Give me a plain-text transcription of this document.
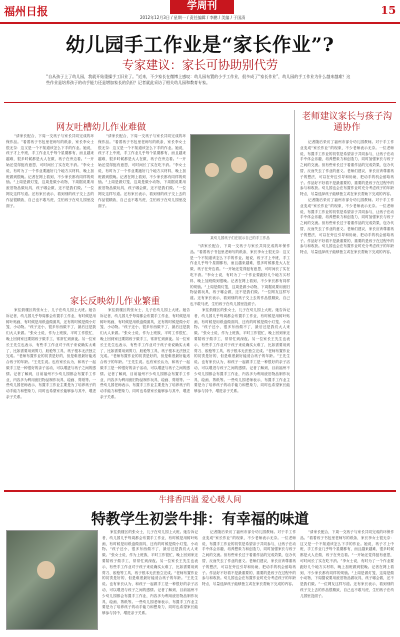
福州日报	学周刊
2012年12月3日 / 星期一 / 责任编辑 / 李鹏 / 美编 / 于国清
15
幼儿园手工作业是“家长作业”?
专家建议：家长可协助别代劳
“自从孩子上了幼儿园，我就开始重操手工旧业了。”近来，不少家长在微博上感叹：幼儿园布置的小手工作业，很多成了“家长作业”，幼儿园的手工作业为什么越来越难？这些作业是培养孩子的动手能力还是增加家长的负担？记者就此采访了相关幼儿园和教育专家。
网友吐槽幼儿作业难做

“请家长配合，下周一交孩子与家长共同完成的环保作品。”看着孩子书包里老师写的纸条，家长李女士很无奈：这又是一个不知道该怎么下手的作业。她说，孩子才上中班，手工作业几乎每个星期都有，而且越来越难，很多时候都是大人在做，孩子在旁边看。“一开始还觉得挺有意思，可时间长了实在吃不消。”李女士说，有时为了一个作业要跑好几个地方买材料，晚上加班做到很晚。记者在网上看到，不少家长都有同样的烦恼。“上周是做灯笼，这周是做小动物，下周据说要用废旧物品做玩具，孩子哪会做，还不是我们做。”一位网友这样写道。还有家长表示，看到别的孩子交上去的作品很精致，自己也不敢马虎，生怕孩子在幼儿园里没面子。

“请家长配合，下周一交孩子与家长共同完成的环保作品。”看着孩子书包里老师写的纸条，家长李女士很无奈：这又是一个不知道该怎么下手的作业。她说，孩子才上中班，手工作业几乎每个星期都有，而且越来越难，很多时候都是大人在做，孩子在旁边看。“一开始还觉得挺有意思，可时间长了实在吃不消。”李女士说，有时为了一个作业要跑好几个地方买材料，晚上加班做到很晚。记者在网上看到，不少家长都有同样的烦恼。“上周是做灯笼，这周是做小动物，下周据说要用废旧物品做玩具，孩子哪会做，还不是我们做。”一位网友这样写道。还有家长表示，看到别的孩子交上去的作品很精致，自己也不敢马虎，生怕孩子在幼儿园里没面子。

某幼儿园孩子们在展示自己的手工作品

“请家长配合，下周一交孩子与家长共同完成的环保作品。”看着孩子书包里老师写的纸条，家长李女士很无奈：这又是一个不知道该怎么下手的作业。她说，孩子才上中班，手工作业几乎每个星期都有，而且越来越难，很多时候都是大人在做，孩子在旁边看。“一开始还觉得挺有意思，可时间长了实在吃不消。”李女士说，有时为了一个作业要跑好几个地方买材料，晚上加班做到很晚。记者在网上看到，不少家长都有同样的烦恼。“上周是做灯笼，这周是做小动物，下周据说要用废旧物品做玩具，孩子哪会做，还不是我们做。”一位网友这样写道。还有家长表示，看到别的孩子交上去的作品很精致，自己也不敢马虎，生怕孩子在幼儿园里没面子。

老师建议家长与孩子沟通协作

记者随后采访了福州市部分幼儿园教师。对于手工作业变成“家长作业”的现象，不少老师表示无奈。一位老师说，布置手工作业的初衷是希望亲子共同参与，让孩子在动手中体会乐趣，培养想象力和创造力，同时加强家长与孩子之间的交流。但有些家长过于看重作品的完成效果，包办代替，反而失去了作业的意义。老师们建议，家长应该尊重孩子的想法，可以在旁边引导和协助，把动手的机会留给孩子。作品好不好看不是最重要的，重要的是孩子在过程中的参与和收获。幼儿园也会在布置作业时充分考虑孩子的年龄特点，尽量选择孩子能够独立或在家长帮助下完成的内容。

记者随后采访了福州市部分幼儿园教师。对于手工作业变成“家长作业”的现象，不少老师表示无奈。一位老师说，布置手工作业的初衷是希望亲子共同参与，让孩子在动手中体会乐趣，培养想象力和创造力，同时加强家长与孩子之间的交流。但有些家长过于看重作品的完成效果，包办代替，反而失去了作业的意义。老师们建议，家长应该尊重孩子的想法，可以在旁边引导和协助，把动手的机会留给孩子。作品好不好看不是最重要的，重要的是孩子在过程中的参与和收获。幼儿园也会在布置作业时充分考虑孩子的年龄特点，尽量选择孩子能够独立或在家长帮助下完成的内容。

家长反映幼儿作业繁重

家住鼓楼区的张女士，儿子在幼儿园上大班。她告诉记者，幼儿园几乎每周都会布置手工作业，有时候是用树叶贴画，有时候是用纸盘做面具，还有的时候是做小灯笼、小动物。“孩子还小，很多东西做不了，最后还是我们大人来做。”张女士说，作为上班族，平时工作很忙，晚上回到家还要陪孩子做手工，常常忙到深夜。另一位家长王先生也表示，有些手工作业对于孩子来说确实太难了，比如需要用到剪刀、胶枪等工具，孩子根本无法独立完成。“老师布置作业的初衷是好的，但是难度最好能适合孩子的年龄。”王先生说。也有家长认为，和孩子一起做手工是一种很好的亲子活动，可以增进与孩子之间的感情。记者了解到，目前福州不少幼儿园都会布置手工作业，内容多为利用废旧物品制作玩具、绘画、剪纸等。一些幼儿园老师表示，布置手工作业主要是为了培养孩子的动手能力和想象力，同时也希望家长能够参与其中，增进亲子关系。

家住鼓楼区的张女士，儿子在幼儿园上大班。她告诉记者，幼儿园几乎每周都会布置手工作业，有时候是用树叶贴画，有时候是用纸盘做面具，还有的时候是做小灯笼、小动物。“孩子还小，很多东西做不了，最后还是我们大人来做。”张女士说，作为上班族，平时工作很忙，晚上回到家还要陪孩子做手工，常常忙到深夜。另一位家长王先生也表示，有些手工作业对于孩子来说确实太难了，比如需要用到剪刀、胶枪等工具，孩子根本无法独立完成。“老师布置作业的初衷是好的，但是难度最好能适合孩子的年龄。”王先生说。也有家长认为，和孩子一起做手工是一种很好的亲子活动，可以增进与孩子之间的感情。记者了解到，目前福州不少幼儿园都会布置手工作业，内容多为利用废旧物品制作玩具、绘画、剪纸等。一些幼儿园老师表示，布置手工作业主要是为了培养孩子的动手能力和想象力，同时也希望家长能够参与其中，增进亲子关系。

家住鼓楼区的张女士，儿子在幼儿园上大班。她告诉记者，幼儿园几乎每周都会布置手工作业，有时候是用树叶贴画，有时候是用纸盘做面具，还有的时候是做小灯笼、小动物。“孩子还小，很多东西做不了，最后还是我们大人来做。”张女士说，作为上班族，平时工作很忙，晚上回到家还要陪孩子做手工，常常忙到深夜。另一位家长王先生也表示，有些手工作业对于孩子来说确实太难了，比如需要用到剪刀、胶枪等工具，孩子根本无法独立完成。“老师布置作业的初衷是好的，但是难度最好能适合孩子的年龄。”王先生说。也有家长认为，和孩子一起做手工是一种很好的亲子活动，可以增进与孩子之间的感情。记者了解到，目前福州不少幼儿园都会布置手工作业，内容多为利用废旧物品制作玩具、绘画、剪纸等。一些幼儿园老师表示，布置手工作业主要是为了培养孩子的动手能力和想象力，同时也希望家长能够参与其中，增进亲子关系。

牛排香四溢 爱心暖人间
特教学生初尝牛排：有幸福的味道

家住鼓楼区的张女士，儿子在幼儿园上大班。她告诉记者，幼儿园几乎每周都会布置手工作业，有时候是用树叶贴画，有时候是用纸盘做面具，还有的时候是做小灯笼、小动物。“孩子还小，很多东西做不了，最后还是我们大人来做。”张女士说，作为上班族，平时工作很忙，晚上回到家还要陪孩子做手工，常常忙到深夜。另一位家长王先生也表示，有些手工作业对于孩子来说确实太难了，比如需要用到剪刀、胶枪等工具，孩子根本无法独立完成。“老师布置作业的初衷是好的，但是难度最好能适合孩子的年龄。”王先生说。也有家长认为，和孩子一起做手工是一种很好的亲子活动，可以增进与孩子之间的感情。记者了解到，目前福州不少幼儿园都会布置手工作业，内容多为利用废旧物品制作玩具、绘画、剪纸等。一些幼儿园老师表示，布置手工作业主要是为了培养孩子的动手能力和想象力，同时也希望家长能够参与其中，增进亲子关系。

记者随后采访了福州市部分幼儿园教师。对于手工作业变成“家长作业”的现象，不少老师表示无奈。一位老师说，布置手工作业的初衷是希望亲子共同参与，让孩子在动手中体会乐趣，培养想象力和创造力，同时加强家长与孩子之间的交流。但有些家长过于看重作品的完成效果，包办代替，反而失去了作业的意义。老师们建议，家长应该尊重孩子的想法，可以在旁边引导和协助，把动手的机会留给孩子。作品好不好看不是最重要的，重要的是孩子在过程中的参与和收获。幼儿园也会在布置作业时充分考虑孩子的年龄特点，尽量选择孩子能够独立或在家长帮助下完成的内容。

“请家长配合，下周一交孩子与家长共同完成的环保作品。”看着孩子书包里老师写的纸条，家长李女士很无奈：这又是一个不知道该怎么下手的作业。她说，孩子才上中班，手工作业几乎每个星期都有，而且越来越难，很多时候都是大人在做，孩子在旁边看。“一开始还觉得挺有意思，可时间长了实在吃不消。”李女士说，有时为了一个作业要跑好几个地方买材料，晚上加班做到很晚。记者在网上看到，不少家长都有同样的烦恼。“上周是做灯笼，这周是做小动物，下周据说要用废旧物品做玩具，孩子哪会做，还不是我们做。”一位网友这样写道。还有家长表示，看到别的孩子交上去的作品很精致，自己也不敢马虎，生怕孩子在幼儿园里没面子。
